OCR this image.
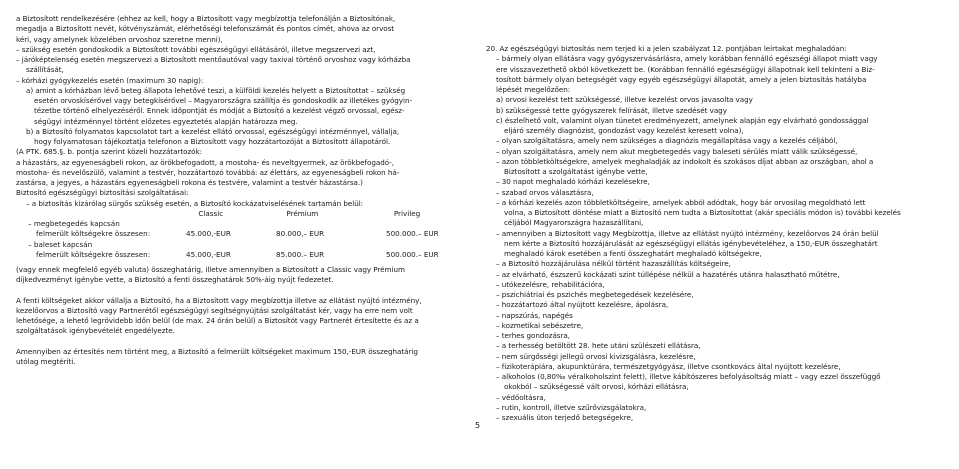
a Biztosított rendelkezésére (ehhez az kell, hogy a Biztosított vagy megbízottja telefonálján a Biztosítónak,

megadja a Biztosított nevét, kötvényszámát, elérhetőségi telefonszámát és pontos címét, ahova az orvost

kéri, vagy amelynek közelében orvoshoz szeretne menni),

– szükség esetén gondoskodik a Biztosított további egészségügyi ellátásáról, illetve megszervezi azt,

– járóképtelenség esetén megszervezi a Biztosított mentőautóval vagy taxival történő orvoshoz vagy kórházba

szállítását,

– kórházi gyógykezelés esetén (maximum 30 napig):

a) amint a kórházban lévő beteg állapota lehetővé teszi, a külföldi kezelés helyett a Biztosítottat – szükség

esetén orvoskísérővel vagy betegkísérővel – Magyarországra szállítja és gondoskodik az illetékes gyógyin-

tézetbe történő elhelyezéséről. Ennek időpontját és módját a Biztosító a kezelést végző orvossal, egész-

ségügyi intézménnyel történt előzetes egyeztetés alapján határozza meg.

b) a Biztosító folyamatos kapcsolatot tart a kezelést ellátó orvossal, egészségügyi intézménnyel, vállalja,

hogy folyamatosan tájékoztatja telefonon a Biztosított vagy hozzátartozóját a Biztosított állapotáról.

(A PTK. 685.§. b. pontja szerint közeli hozzátartozók:

a házastárs, az egyeneságbeli rokon, az örökbefogadott, a mostoha- és neveltgyermek, az örökbefogadó-,

mostoha- és nevelőszülő, valamint a testvér, hozzátartozó továbbá: az élettárs, az egyeneságbeli rokon há-

zastársa, a jegyes, a házastárs egyeneságbeli rokona és testvére, valamint a testvér házastársa.)

Biztosító egészségügyi biztosítási szolgáltatásai:

– a biztosítás kizárólag sürgős szükség esetén, a Biztosító kockázatviselésének tartamán belül:

Classic	Prémium	Privileg
– megbetegedés kapcsán
felmerült költségekre összesen:	45.000,-EUR	80.000,– EUR	500.000.– EUR
– baleset kapcsán
felmerült költségekre összesen:	45.000,-EUR	85.000.– EUR	500.000.– EUR

(vagy ennek megfelelő egyéb valuta) összeghatárig, illetve amennyiben a Biztosított a Classic vagy Prémium

díjkedvezményt igénybe vette, a Biztosító a fenti összeghatárok 50%-áig nyújt fedezetet.

A fenti költségeket akkor vállalja a Biztosító, ha a Biztosított vagy megbízottja illetve az ellátást nyújtó intézmény,

kezelőorvos a Biztosító vagy Partnerétől egészségügyi segítségnyújtási szolgáltatást kér, vagy ha erre nem volt

lehetősége, a lehető legrövidebb időn belül (de max. 24 órán belül) a Biztosítót vagy Partnerét értesítette és az a

szolgáltatások igénybevételét engedélyezte.

Amennyiben az értesítés nem történt meg, a Biztosító a felmerült költségeket maximum 150,-EUR összeghatárig

utólag megtéríti.

5

20. Az egészségügyi biztosítás nem terjed ki a jelen szabályzat 12. pontjában leírtakat meghaladóan:

– bármely olyan ellátásra vagy gyógyszervásárlásra, amely korábban fennálló egészségi állapot miatt vagy

ere visszavezethető okból következett be. (Korábban fennálló egészségügyi állapotnak kell tekinteni a Biz-

tosított bármely olyan betegségét vagy egyéb egészségügyi állapotát, amely a jelen biztosítás hatályba

lépését megelőzően:

a) orvosi kezelést tett szükségessé, illetve kezelést orvos javasolta vagy

b) szükségessé tette gyógyszerek felírását, illetve szedését vagy

c) észlelhető volt, valamint olyan tünetet eredményezett, amelynek alapján egy elvárható gondossággal

eljáró személy diagnózist, gondozást vagy kezelést keresett volna),

– olyan szolgáltatásra, amely nem szükséges a diagnózis megállapítása vagy a kezelés céljából,

– olyan szolgáltatásra, amely nem akut megbetegedés vagy baleseti sérülés miatt válik szükségessé,

– azon többletköltségekre, amelyek meghaladják az indokolt és szokásos díjat abban az országban, ahol a

Biztosított a szolgáltatást igénybe vette,

– 30 napot meghaladó kórházi kezelésekre,

– szabad orvos választásra,

– a kórházi kezelés azon többletköltségeire, amelyek abból adódtak, hogy bár orvosilag megoldható lett

volna, a Biztosított döntése miatt a Biztosító nem tudta a Biztosítottat (akár speciális módon is) további kezelés

céljából Magyarországra hazaszállítani,

– amennyiben a Biztosított vagy Megbízottja, illetve az ellátást nyújtó intézmény, kezelőorvos 24 órán belül

nem kérte a Biztosító hozzájárulását az egészségügyi ellátás igénybevételéhez, a 150,-EUR összeghatárt

meghaladó károk esetében a fenti összeghatárt meghaladó költségekre,

– a Biztosító hozzájárulása nélkül történt hazaszállítás költségeire,

– az elvárható, észszerű kockázati szint túllépése nélkül a hazatérés utánra halasztható műtétre,

– utókezelésre, rehabilitációra,

– pszichiátriai és pszichés megbetegedések kezelésére,

– hozzátartozó által nyújtott kezelésre, ápolásra,

– napszúrás, napégés

– kozmetikai sebészetre,

– terhes gondozásra,

– a terhesség betöltött 28. hete utáni szülészeti ellátásra,

– nem sürgősségi jellegű orvosi kivizsgálásra, kezelésre,

– fizikoterápiára, akupunktúrára, természetgyógyász, illetve csontkovács által nyújtott kezelésre,

– alkoholos (0,80‰ véralkoholszint felett), illetve kábítószeres befolyásoltság miatt – vagy ezzel összefüggő

okokból – szükségessé vált orvosi, kórházi ellátásra,

– védőoltásra,

– rutin, kontroll, illetve szűrővizsgálatokra,

– szexuális úton terjedő betegségekre,
